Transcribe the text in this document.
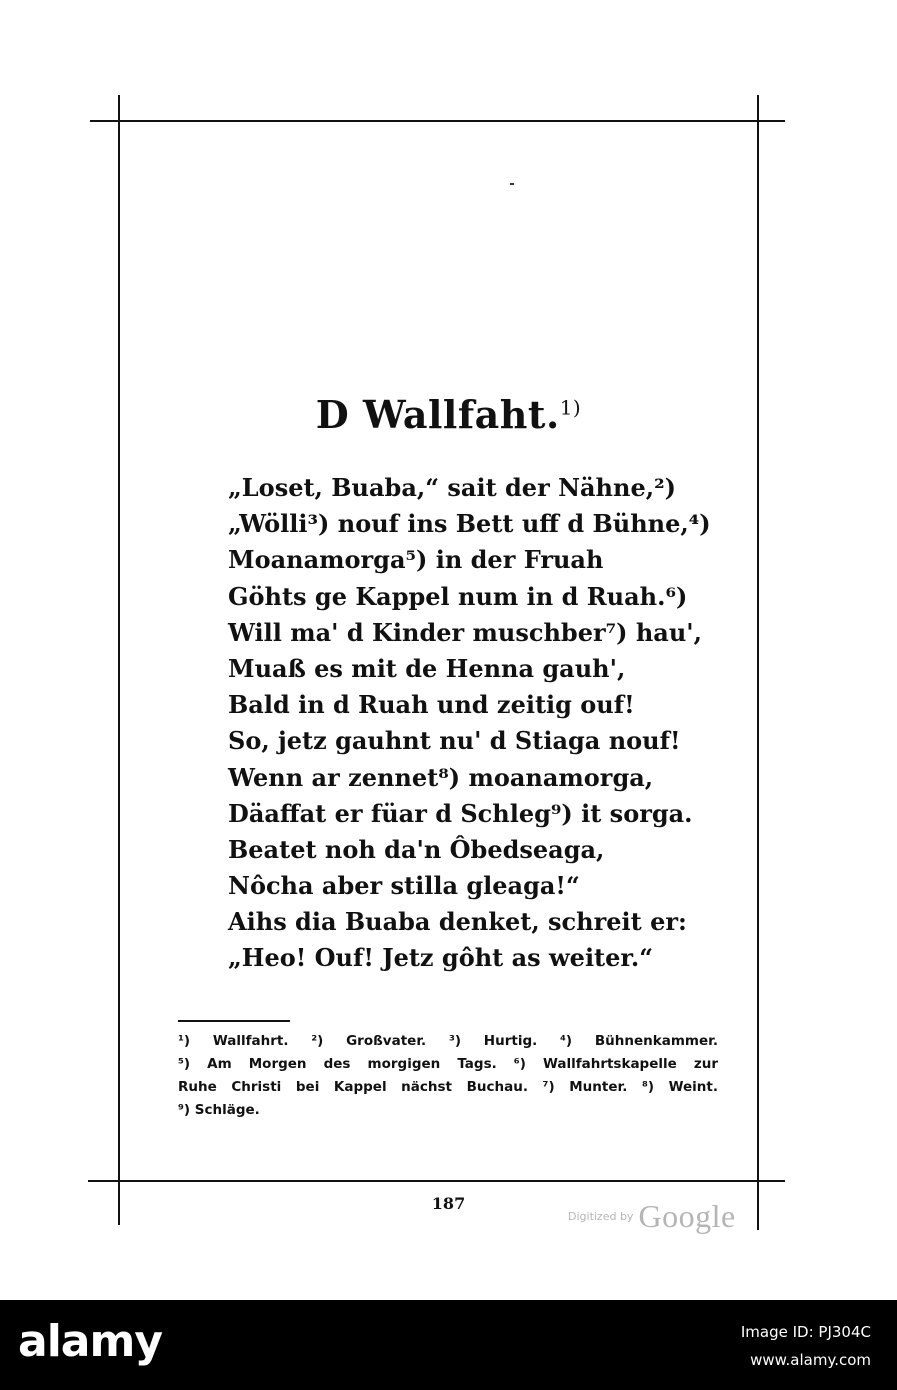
D Wallfaht.$^{1)}$
„Loset, Buaba,“ sait der Nähne,²)
„Wölli³) nouf ins Bett uff d Bühne,⁴)
Moanamorga⁵) in der Fruah
Göhts ge Kappel num in d Ruah.⁶)
Will ma' d Kinder muschber⁷) hau',
Muaß es mit de Henna gauh',
Bald in d Ruah und zeitig ouf!
So, jetz gauhnt nu' d Stiaga nouf!
Wenn ar zennet⁸) moanamorga,
Däaffat er füar d Schleg⁹) it sorga.
Beatet noh da'n Ôbedseaga,
Nôcha aber stilla gleaga!“
Aihs dia Buaba denket, schreit er:
„Heo! Ouf! Jetz gôht as weiter.“
¹) Wallfahrt. ²) Großvater. ³) Hurtig. ⁴) Bühnenkammer.
⁵) Am Morgen des morgigen Tags. ⁶) Wallfahrtskapelle zur
Ruhe Christi bei Kappel nächst Buchau. ⁷) Munter. ⁸) Weint.
⁹) Schläge.
187
Digitized by Google
alamy	Image ID: PJ304C
www.alamy.com
